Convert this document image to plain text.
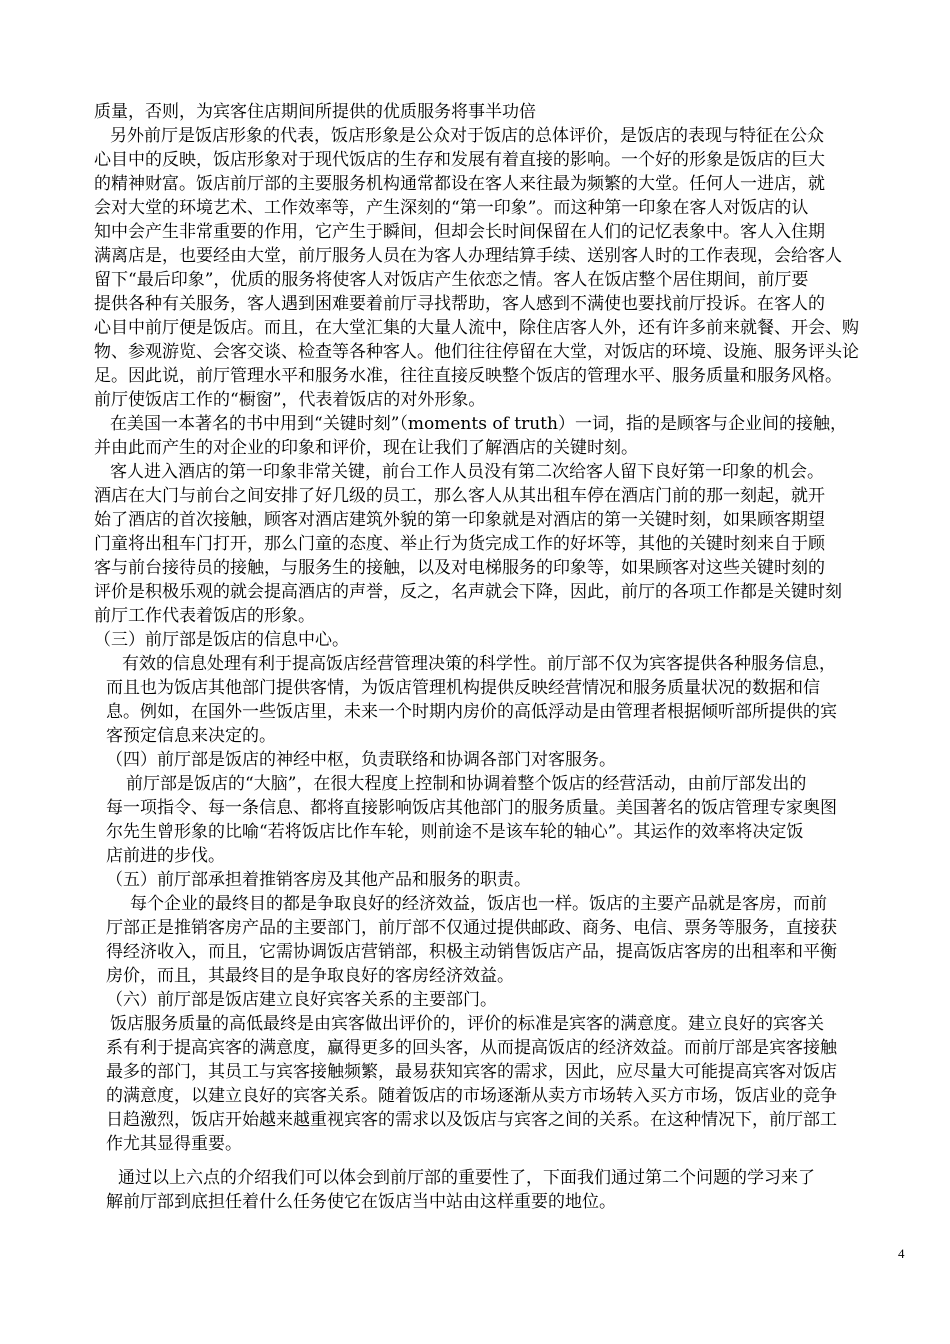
质量，否则，为宾客住店期间所提供的优质服务将事半功倍
另外前厅是饭店形象的代表，饭店形象是公众对于饭店的总体评价，是饭店的表现与特征在公众
心目中的反映，饭店形象对于现代饭店的生存和发展有着直接的影响。一个好的形象是饭店的巨大
的精神财富。饭店前厅部的主要服务机构通常都设在客人来往最为频繁的大堂。任何人一进店，就
会对大堂的环境艺术、工作效率等，产生深刻的“第一印象”。而这种第一印象在客人对饭店的认
知中会产生非常重要的作用，它产生于瞬间，但却会长时间保留在人们的记忆表象中。客人入住期
满离店是，也要经由大堂，前厅服务人员在为客人办理结算手续、送别客人时的工作表现，会给客人
留下“最后印象”，优质的服务将使客人对饭店产生依恋之情。客人在饭店整个居住期间，前厅要
提供各种有关服务，客人遇到困难要着前厅寻找帮助，客人感到不满使也要找前厅投诉。在客人的
心目中前厅便是饭店。而且，在大堂汇集的大量人流中，除住店客人外，还有许多前来就餐、开会、购
物、参观游览、会客交谈、检查等各种客人。他们往往停留在大堂，对饭店的环境、设施、服务评头论
足。因此说，前厅管理水平和服务水准，往往直接反映整个饭店的管理水平、服务质量和服务风格。
前厅使饭店工作的“橱窗”，代表着饭店的对外形象。
在美国一本著名的书中用到“关键时刻”（moments of truth）一词，指的是顾客与企业间的接触，
并由此而产生的对企业的印象和评价，现在让我们了解酒店的关键时刻。
客人进入酒店的第一印象非常关键，前台工作人员没有第二次给客人留下良好第一印象的机会。
酒店在大门与前台之间安排了好几级的员工，那么客人从其出租车停在酒店门前的那一刻起，就开
始了酒店的首次接触，顾客对酒店建筑外貌的第一印象就是对酒店的第一关键时刻，如果顾客期望
门童将出租车门打开，那么门童的态度、举止行为货完成工作的好坏等，其他的关键时刻来自于顾
客与前台接待员的接触，与服务生的接触，以及对电梯服务的印象等，如果顾客对这些关键时刻的
评价是积极乐观的就会提高酒店的声誉，反之，名声就会下降，因此，前厅的各项工作都是关键时刻
前厅工作代表着饭店的形象。
（三）前厅部是饭店的信息中心。
有效的信息处理有利于提高饭店经营管理决策的科学性。前厅部不仅为宾客提供各种服务信息，
而且也为饭店其他部门提供客情，为饭店管理机构提供反映经营情况和服务质量状况的数据和信
息。例如，在国外一些饭店里，未来一个时期内房价的高低浮动是由管理者根据倾听部所提供的宾
客预定信息来决定的。
（四）前厅部是饭店的神经中枢，负责联络和协调各部门对客服务。
前厅部是饭店的“大脑”，在很大程度上控制和协调着整个饭店的经营活动，由前厅部发出的
每一项指令、每一条信息、都将直接影响饭店其他部门的服务质量。美国著名的饭店管理专家奥图
尔先生曾形象的比喻“若将饭店比作车轮，则前途不是该车轮的轴心”。其运作的效率将决定饭
店前进的步伐。
（五）前厅部承担着推销客房及其他产品和服务的职责。
每个企业的最终目的都是争取良好的经济效益，饭店也一样。饭店的主要产品就是客房，而前
厅部正是推销客房产品的主要部门，前厅部不仅通过提供邮政、商务、电信、票务等服务，直接获
得经济收入，而且，它需协调饭店营销部，积极主动销售饭店产品，提高饭店客房的出租率和平衡
房价，而且，其最终目的是争取良好的客房经济效益。
（六）前厅部是饭店建立良好宾客关系的主要部门。
饭店服务质量的高低最终是由宾客做出评价的，评价的标准是宾客的满意度。建立良好的宾客关
系有利于提高宾客的满意度，赢得更多的回头客，从而提高饭店的经济效益。而前厅部是宾客接触
最多的部门，其员工与宾客接触频繁，最易获知宾客的需求，因此，应尽量大可能提高宾客对饭店
的满意度，以建立良好的宾客关系。随着饭店的市场逐渐从卖方市场转入买方市场，饭店业的竞争
日趋激烈，饭店开始越来越重视宾客的需求以及饭店与宾客之间的关系。在这种情况下，前厅部工
作尤其显得重要。
通过以上六点的介绍我们可以体会到前厅部的重要性了，下面我们通过第二个问题的学习来了
解前厅部到底担任着什么任务使它在饭店当中站由这样重要的地位。
4
